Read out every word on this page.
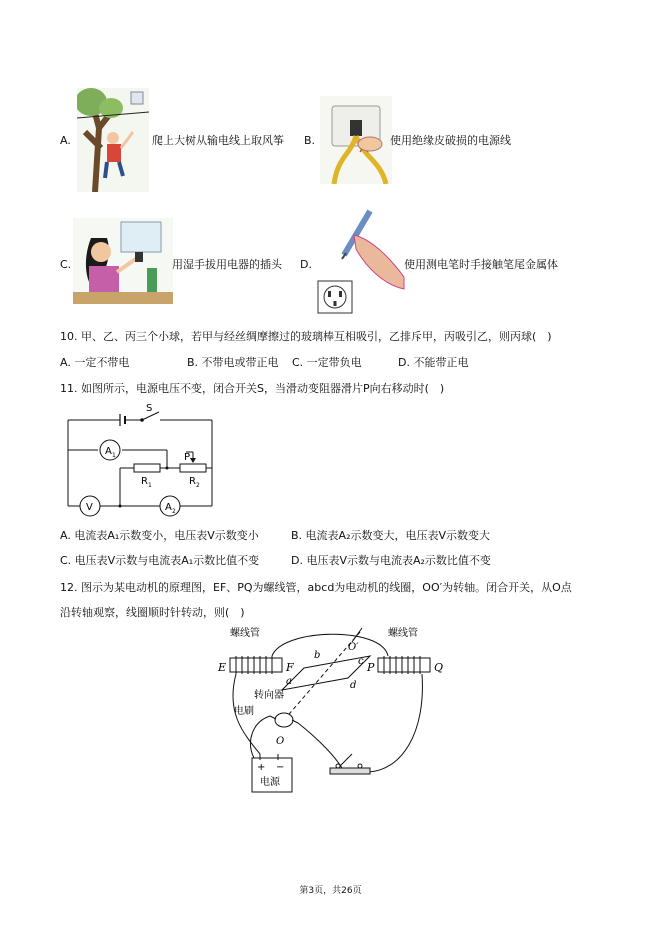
A.	爬上大树从输电线上取风筝 B.	使用绝缘皮破损的电源线
C.	用湿手拔用电器的插头 D.	使用测电笔时手接触笔尾金属体
10. 甲、乙、丙三个小球，若甲与经丝绸摩擦过的玻璃棒互相吸引，乙排斥甲，丙吸引乙，则丙球(　)
A. 一定不带电	B. 不带电或带正电 C. 一定带负电	D. 不能带正电
11. 如图所示，电源电压不变，闭合开关S，当滑动变阻器滑片P向右移动时(　)
S
A 1
V	A 2
P
R 1	R 2
A. 电流表A₁示数变小，电压表V示数变小	B. 电流表A₂示数变大，电压表V示数变大
C. 电压表V示数与电流表A₁示数比值不变	D. 电压表V示数与电流表A₂示数比值不变
12. 图示为某电动机的原理图，EF、PQ为螺线管，abcd为电动机的线圈，OO′为转轴。闭合开关，从O点
沿转轴观察，线圈顺时针转动，则(　)
螺线管	螺线管
E	F	P	Q
a
b
c
d
O′
O
转向器
电刷
+ −
电源
第3页，共26页
